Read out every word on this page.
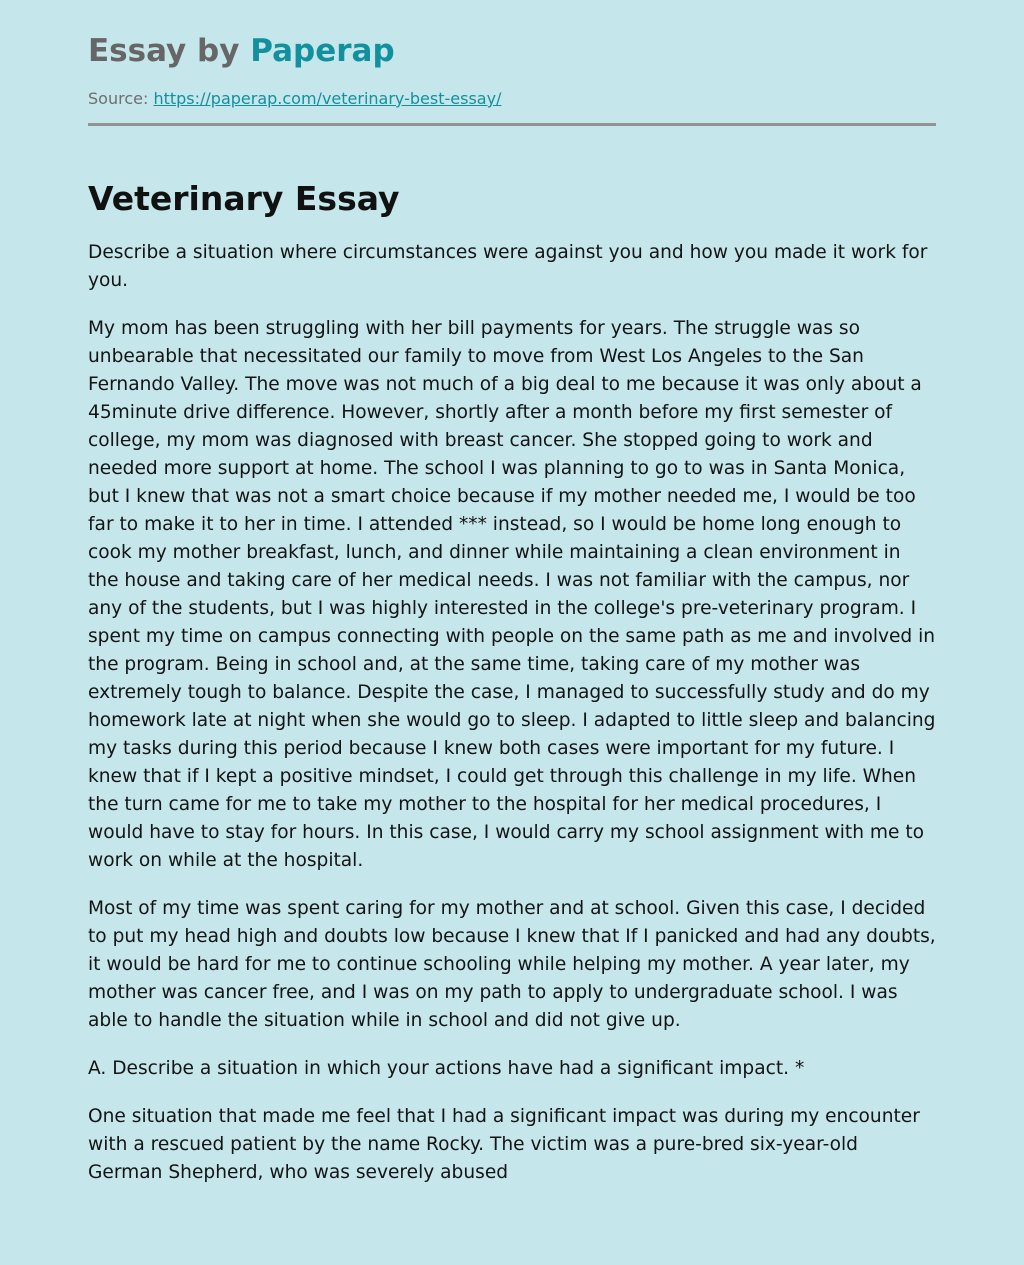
Essay by Paperap
Source: https://paperap.com/veterinary-best-essay/
Veterinary Essay

Describe a situation where circumstances were against you and how you made it work for you.

My mom has been struggling with her bill payments for years. The struggle was so unbearable that necessitated our family to move from West Los Angeles to the San Fernando Valley. The move was not much of a big deal to me because it was only about a 45minute drive difference. However, shortly after a month before my first semester of college, my mom was diagnosed with breast cancer. She stopped going to work and needed more support at home. The school I was planning to go to was in Santa Monica, but I knew that was not a smart choice because if my mother needed me, I would be too far to make it to her in time. I attended *** instead, so I would be home long enough to cook my mother breakfast, lunch, and dinner while maintaining a clean environment in the house and taking care of her medical needs. I was not familiar with the campus, nor any of the students, but I was highly interested in the college's pre-veterinary program. I spent my time on campus connecting with people on the same path as me and involved in the program. Being in school and, at the same time, taking care of my mother was extremely tough to balance. Despite the case, I managed to successfully study and do my homework late at night when she would go to sleep. I adapted to little sleep and balancing my tasks during this period because I knew both cases were important for my future. I knew that if I kept a positive mindset, I could get through this challenge in my life. When the turn came for me to take my mother to the hospital for her medical procedures, I would have to stay for hours. In this case, I would carry my school assignment with me to work on while at the hospital.

Most of my time was spent caring for my mother and at school. Given this case, I decided to put my head high and doubts low because I knew that If I panicked and had any doubts, it would be hard for me to continue schooling while helping my mother. A year later, my mother was cancer free, and I was on my path to apply to undergraduate school. I was able to handle the situation while in school and did not give up.

A. Describe a situation in which your actions have had a significant impact. *

One situation that made me feel that I had a significant impact was during my encounter with a rescued patient by the name Rocky. The victim was a pure-bred six-year-old German Shepherd, who was severely abused
